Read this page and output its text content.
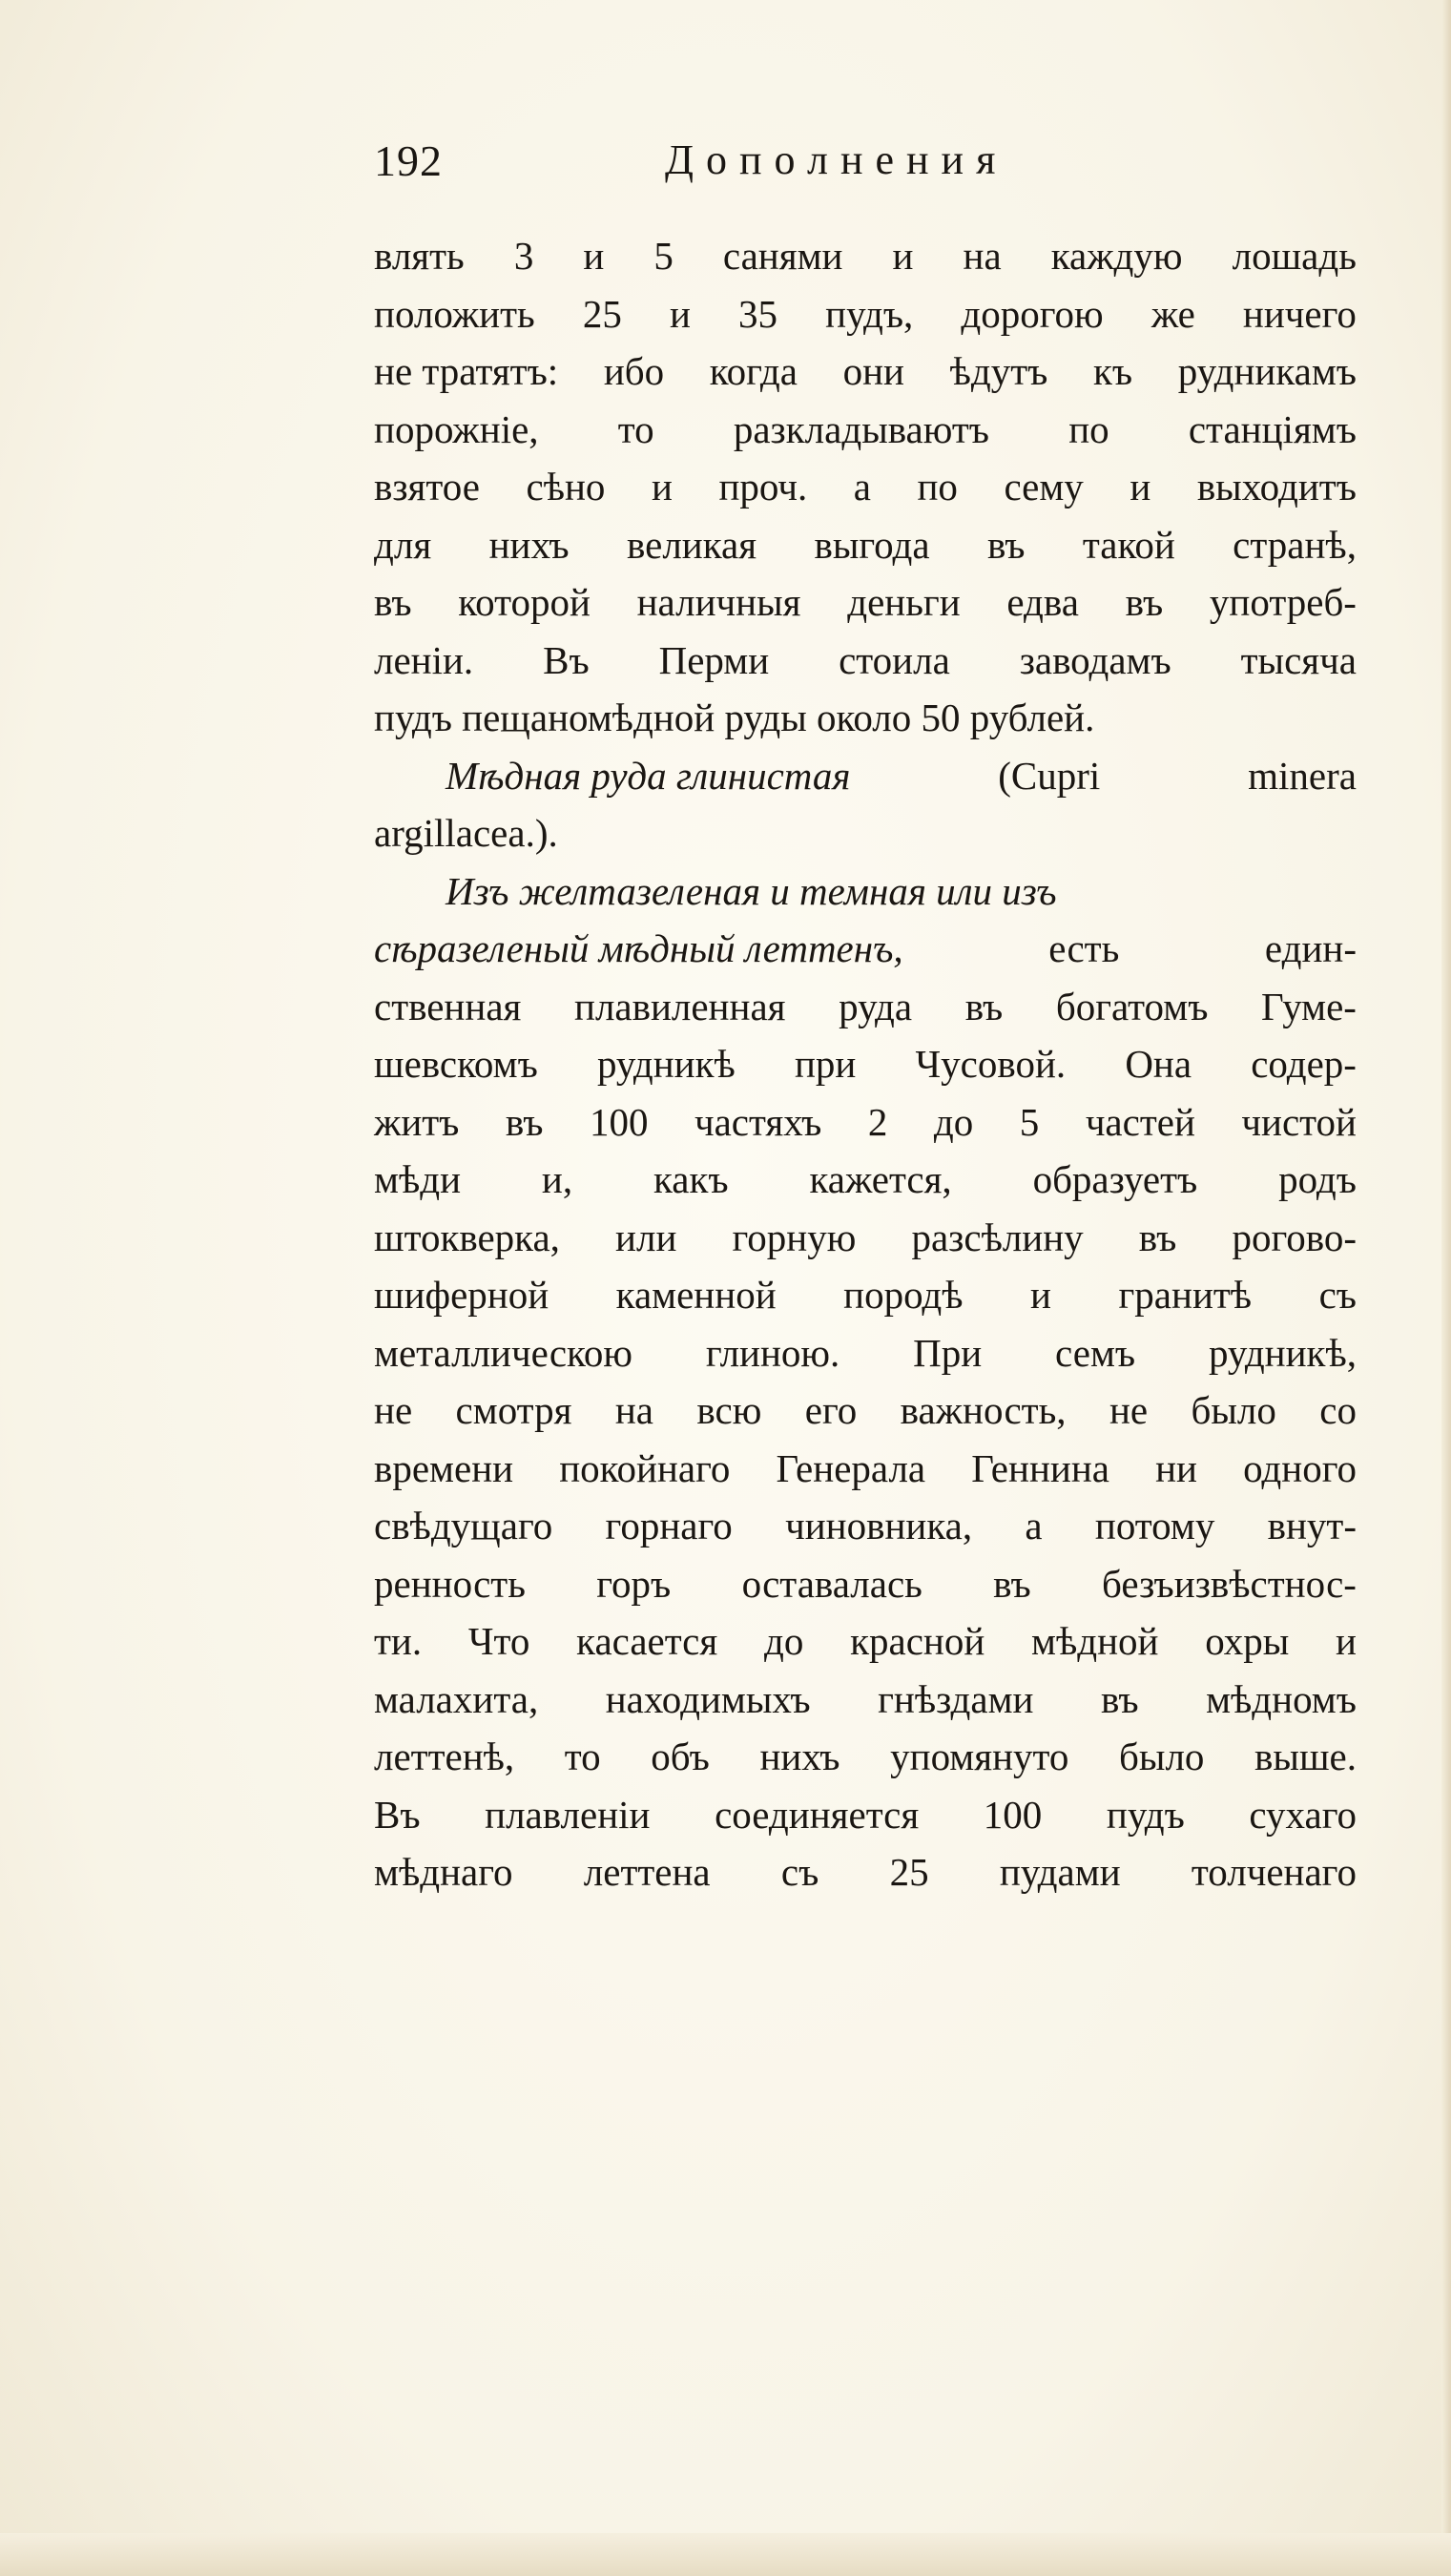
192	Дополнения
влять 3 и 5 санями и на каждую лошадь
положить 25 и 35 пудъ, дорогою же ничего
не тратятъ: ибо когда они ѣдутъ къ рудникамъ
порожніе, то разкладываютъ по станціямъ
взятое сѣно и проч. а по сему и выходитъ
для нихъ великая выгода въ такой странѣ,
въ которой наличныя деньги едва въ употреб-
леніи. Въ Перми стоила заводамъ тысяча
пудъ
пещаномѣдной
руды
около
50
рублей.
Мѣдная руда глинистая	(Cupri	minera
argillacea.).
Изъ желтазеленая и темная или изъ
сѣразеленый мѣдный леттенъ,	есть	един-
ственная плавиленная руда въ богатомъ Гуме-
шевскомъ рудникѣ при Чусовой. Она содер-
житъ въ 100 частяхъ 2 до 5 частей чистой
мѣди и, какъ кажется, образуетъ родъ
штокверка, или горную разсѣлину въ рогово-
шиферной каменной породѣ и гранитѣ съ
металлическою глиною. При семъ рудникѣ,
не смотря на всю его важность, не было со
времени покойнаго Генерала Геннина ни одного
свѣдущаго горнаго чиновника, а потому внут-
ренность горъ оставалась въ безъизвѣстнос-
ти. Что касается до красной мѣдной охры и
малахита, находимыхъ гнѣздами въ мѣдномъ
леттенѣ, то объ нихъ упомянуто было выше.
Въ плавленіи соединяется 100 пудъ сухаго
мѣднаго леттена съ 25 пудами толченаго
